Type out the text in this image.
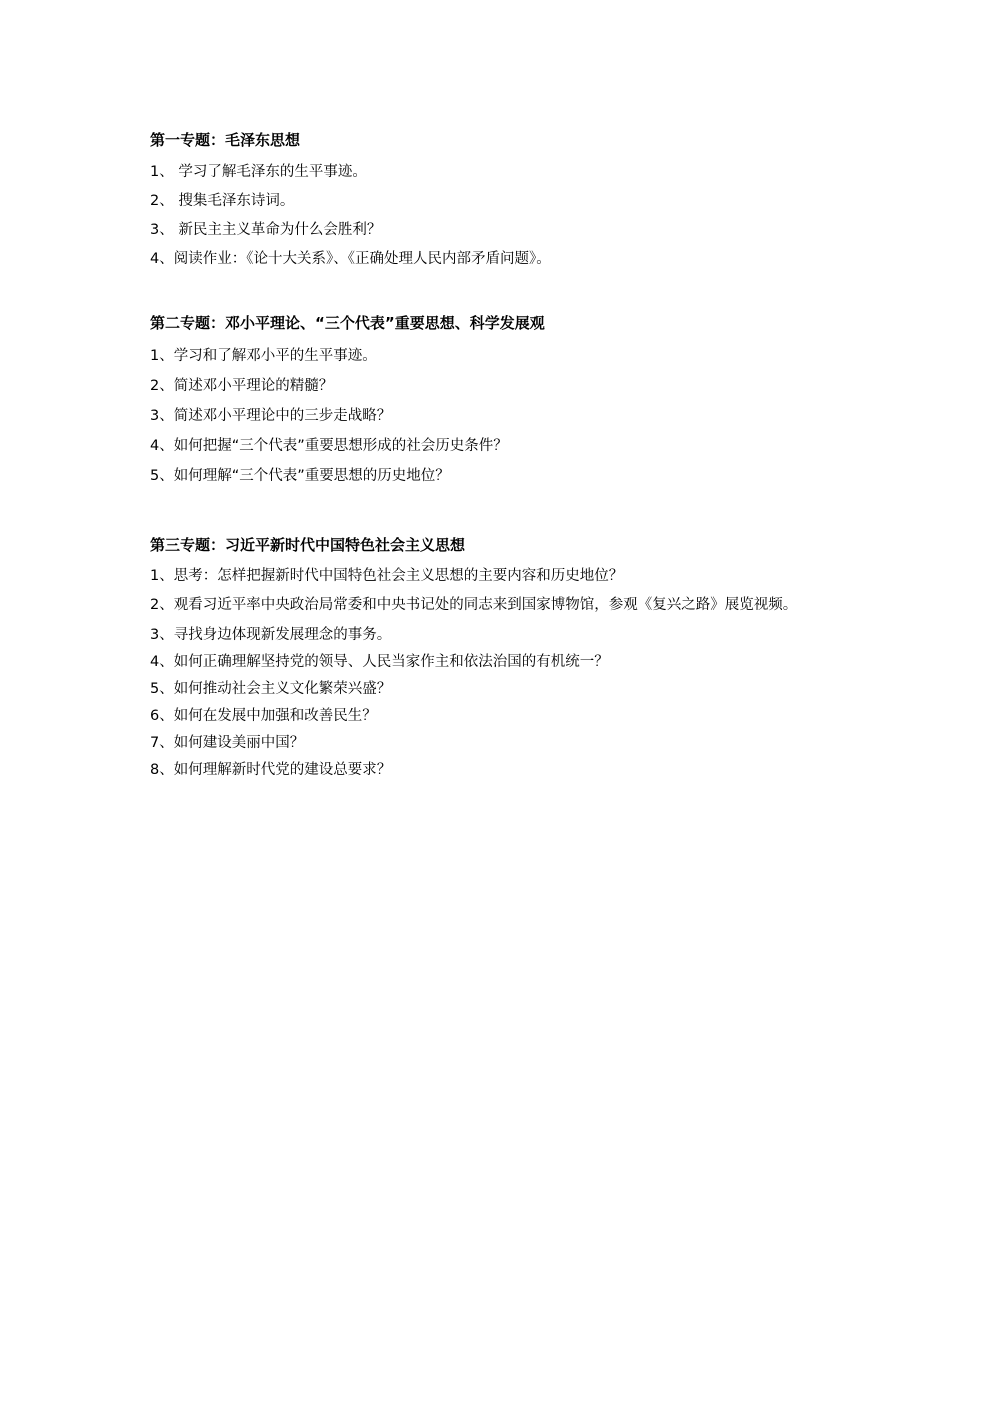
第一专题：毛泽东思想
1、 学习了解毛泽东的生平事迹。
2、 搜集毛泽东诗词。
3、 新民主主义革命为什么会胜利？
4、阅读作业：《论十大关系》、《正确处理人民内部矛盾问题》。
第二专题：邓小平理论、“三个代表”重要思想、科学发展观
1、学习和了解邓小平的生平事迹。
2、简述邓小平理论的精髓？
3、简述邓小平理论中的三步走战略？
4、如何把握“三个代表”重要思想形成的社会历史条件？
5、如何理解“三个代表”重要思想的历史地位？
第三专题：习近平新时代中国特色社会主义思想
1、思考：怎样把握新时代中国特色社会主义思想的主要内容和历史地位？
2、观看习近平率中央政治局常委和中央书记处的同志来到国家博物馆，参观《复兴之路》展览视频。
3、寻找身边体现新发展理念的事务。
4、如何正确理解坚持党的领导、人民当家作主和依法治国的有机统一？
5、如何推动社会主义文化繁荣兴盛？
6、如何在发展中加强和改善民生？
7、如何建设美丽中国？
8、如何理解新时代党的建设总要求？
